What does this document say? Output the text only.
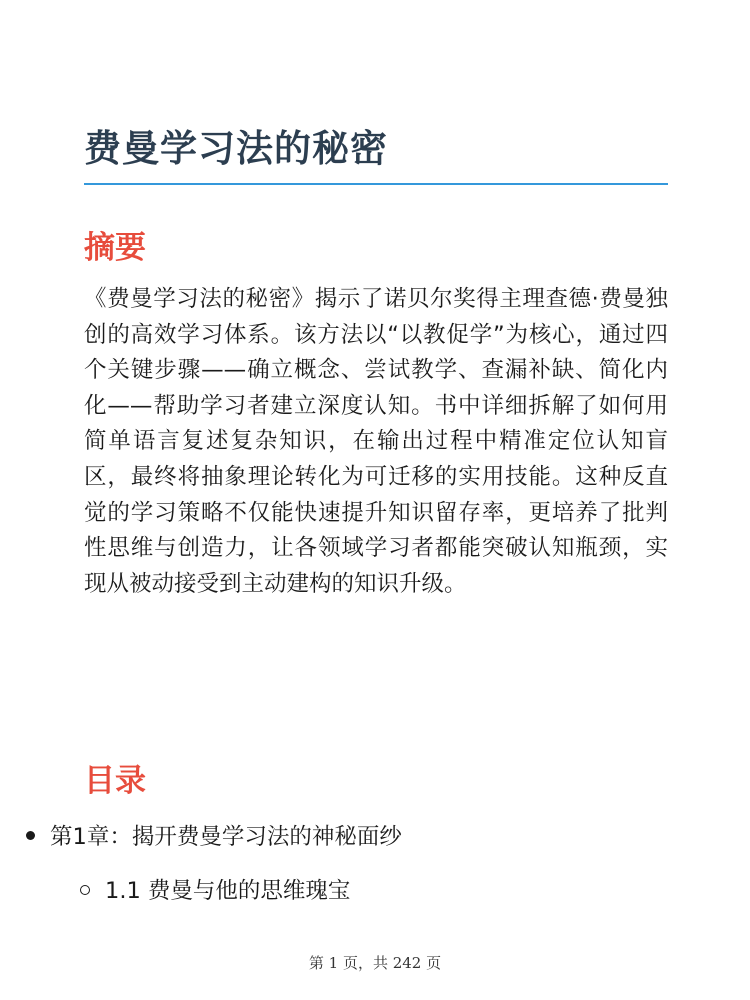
费曼学习法的秘密
摘要

《费曼学习法的秘密》揭示了诺贝尔奖得主理查德·费曼独创的高效学习体系。该方法以“以教促学”为核心，通过四个关键步骤——确立概念、尝试教学、查漏补缺、简化内化——帮助学习者建立深度认知。书中详细拆解了如何用简单语言复述复杂知识，在输出过程中精准定位认知盲区，最终将抽象理论转化为可迁移的实用技能。这种反直觉的学习策略不仅能快速提升知识留存率，更培养了批判性思维与创造力，让各领域学习者都能突破认知瓶颈，实现从被动接受到主动建构的知识升级。

目录
第1章：揭开费曼学习法的神秘面纱
1.1 费曼与他的思维瑰宝
第 1 页，共 242 页
